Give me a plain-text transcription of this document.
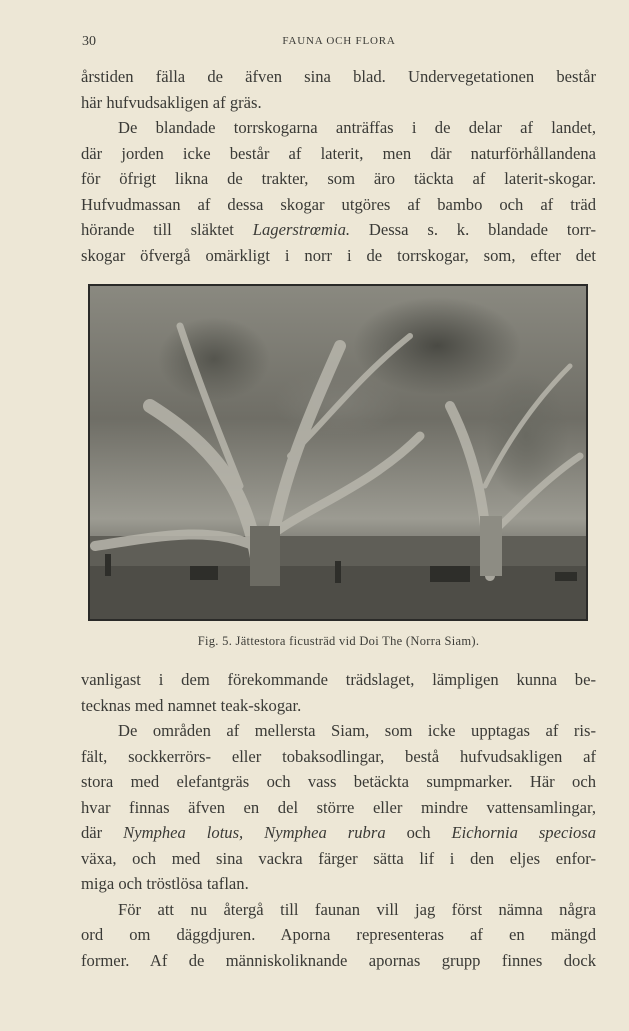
30	FAUNA OCH FLORA
årstiden fälla de äfven sina blad. Undervegetationen består
här hufvudsakligen af gräs.
De blandade torrskogarna anträffas i de delar af landet,
där jorden icke består af laterit, men där naturförhållandena
för öfrigt likna de trakter, som äro täckta af laterit-skogar.
Hufvudmassan af dessa skogar utgöres af bambo och af träd
hörande till släktet Lagerstrœmia. Dessa s. k. blandade torr-
skogar öfvergå omärkligt i norr i de torrskogar, som, efter det
Fig. 5. Jättestora ficusträd vid Doi The (Norra Siam).
vanligast i dem förekommande trädslaget, lämpligen kunna be-
tecknas med namnet teak-skogar.
De områden af mellersta Siam, som icke upptagas af ris-
fält, sockkerrörs- eller tobaksodlingar, bestå hufvudsakligen af
stora med elefantgräs och vass betäckta sumpmarker. Här och
hvar finnas äfven en del större eller mindre vattensamlingar,
där Nymphea lotus, Nymphea rubra och Eichornia speciosa
växa, och med sina vackra färger sätta lif i den eljes enfor-
miga och tröstlösa taflan.
För att nu återgå till faunan vill jag först nämna några
ord om däggdjuren. Aporna representeras af en mängd
former. Af de människoliknande apornas grupp finnes dock
